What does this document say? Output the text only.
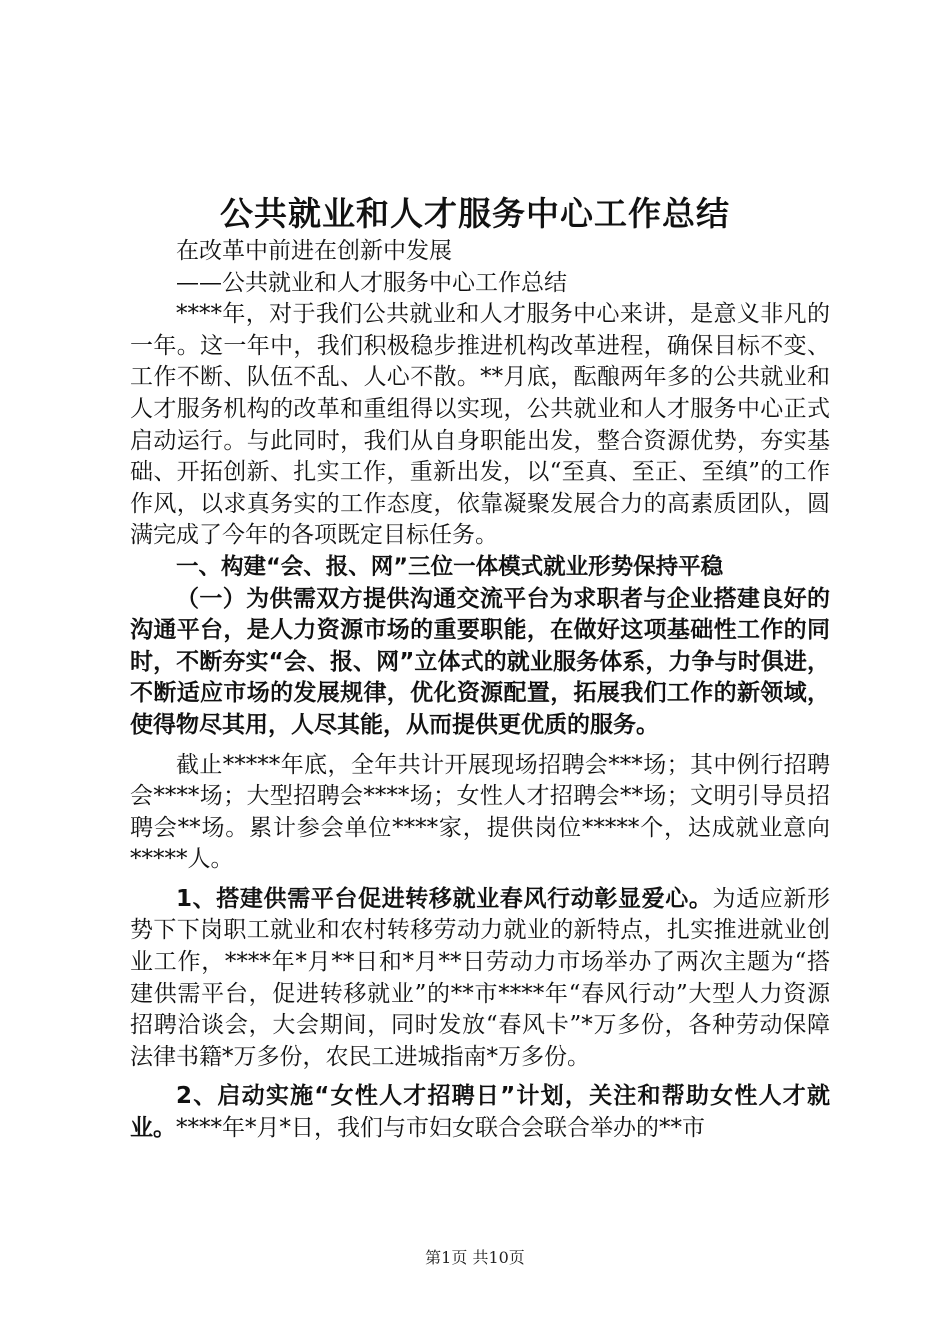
公共就业和人才服务中心工作总结

在改革中前进在创新中发展

——公共就业和人才服务中心工作总结

****年，对于我们公共就业和人才服务中心来讲，是意义非凡的一年。这一年中，我们积极稳步推进机构改革进程，确保目标不变、工作不断、队伍不乱、人心不散。**月底，酝酿两年多的公共就业和人才服务机构的改革和重组得以实现，公共就业和人才服务中心正式启动运行。与此同时，我们从自身职能出发，整合资源优势，夯实基础、开拓创新、扎实工作，重新出发，以“至真、至正、至缜”的工作作风，以求真务实的工作态度，依靠凝聚发展合力的高素质团队，圆满完成了今年的各项既定目标任务。

一、构建“会、报、网”三位一体模式就业形势保持平稳

（一）为供需双方提供沟通交流平台为求职者与企业搭建良好的沟通平台，是人力资源市场的重要职能，在做好这项基础性工作的同时，不断夯实“会、报、网”立体式的就业服务体系，力争与时俱进，不断适应市场的发展规律，优化资源配置，拓展我们工作的新领域，使得物尽其用，人尽其能，从而提供更优质的服务。

截止*****年底，全年共计开展现场招聘会***场；其中例行招聘会****场；大型招聘会****场；女性人才招聘会**场；文明引导员招聘会**场。累计参会单位****家，提供岗位*****个，达成就业意向*****人。

1、搭建供需平台促进转移就业春风行动彰显爱心。为适应新形势下下岗职工就业和农村转移劳动力就业的新特点，扎实推进就业创业工作，****年*月**日和*月**日劳动力市场举办了两次主题为“搭建供需平台，促进转移就业”的**市****年“春风行动”大型人力资源招聘洽谈会，大会期间，同时发放“春风卡”*万多份，各种劳动保障法律书籍*万多份，农民工进城指南*万多份。

2、启动实施“女性人才招聘日”计划，关注和帮助女性人才就业。****年*月*日，我们与市妇女联合会联合举办的**市

第1页 共10页
